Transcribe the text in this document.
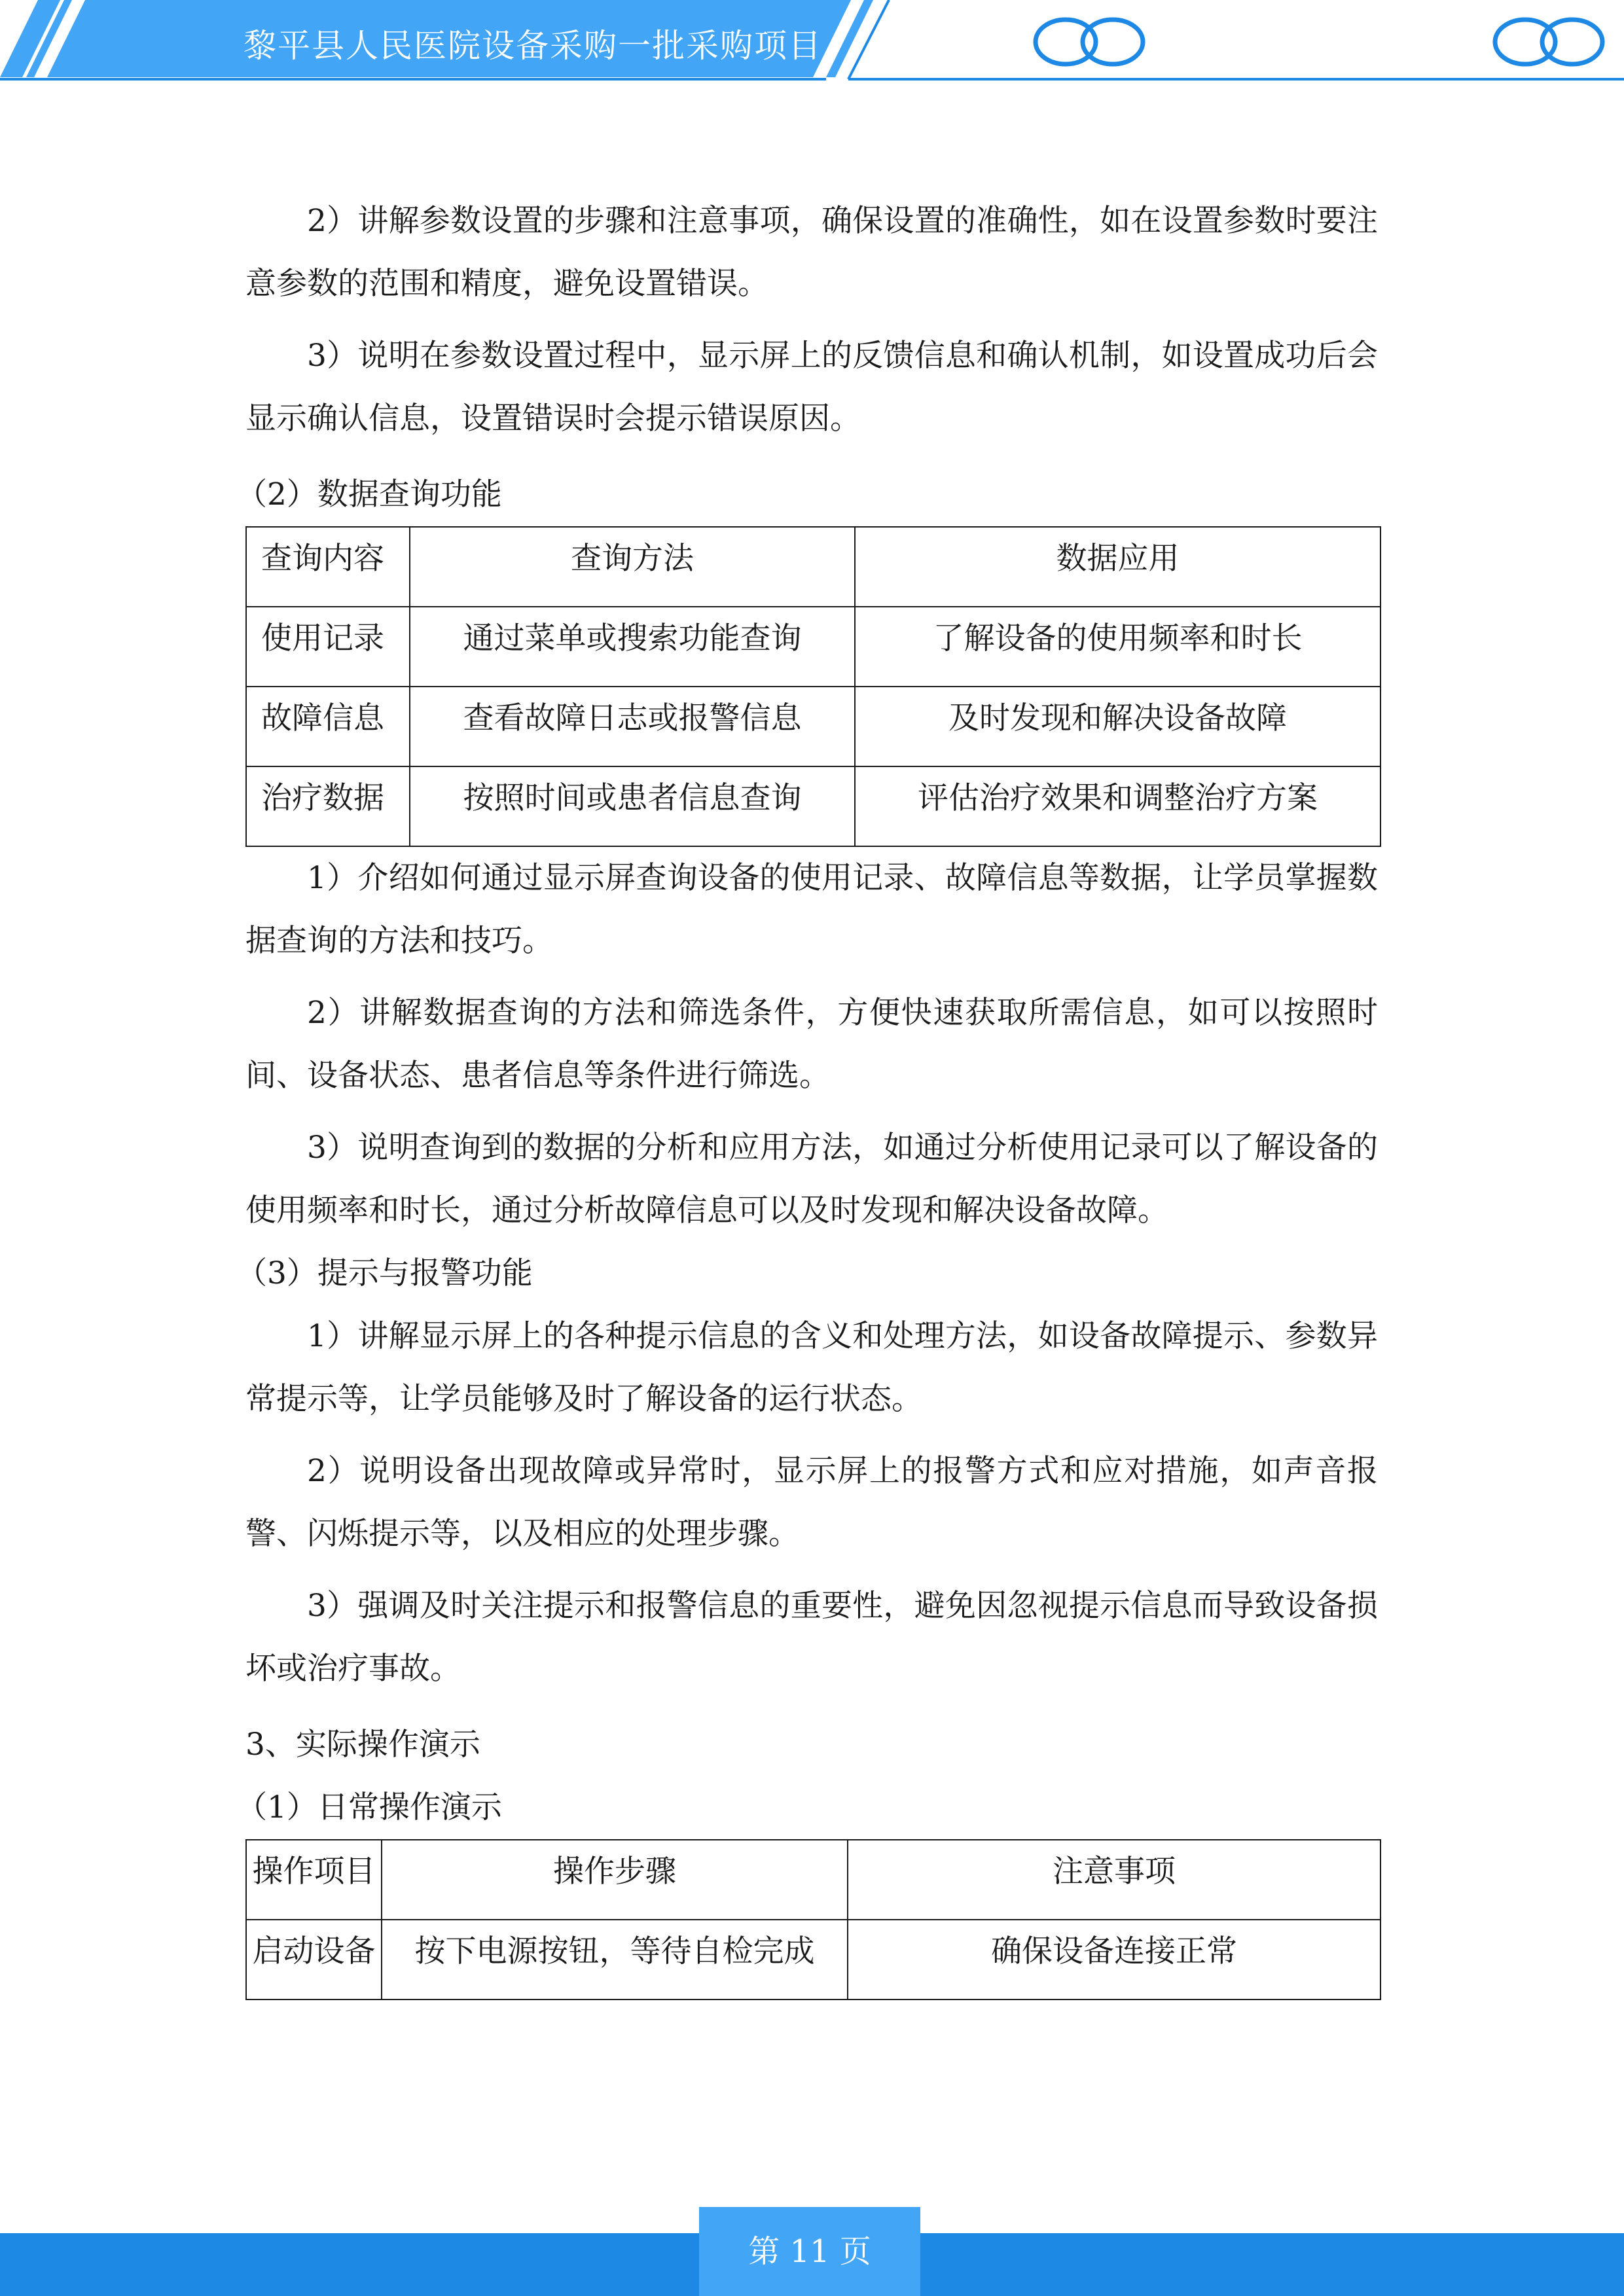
黎平县人民医院设备采购一批采购项目

2）讲解参数设置的步骤和注意事项，确保设置的准确性，如在设置参数时要注意参数的范围和精度，避免设置错误。

3）说明在参数设置过程中，显示屏上的反馈信息和确认机制，如设置成功后会显示确认信息，设置错误时会提示错误原因。

（2）数据查询功能

查询内容	查询方法	数据应用
使用记录	通过菜单或搜索功能查询	了解设备的使用频率和时长
故障信息	查看故障日志或报警信息	及时发现和解决设备故障
治疗数据	按照时间或患者信息查询	评估治疗效果和调整治疗方案

1）介绍如何通过显示屏查询设备的使用记录、故障信息等数据，让学员掌握数据查询的方法和技巧。

2）讲解数据查询的方法和筛选条件，方便快速获取所需信息，如可以按照时间、设备状态、患者信息等条件进行筛选。

3）说明查询到的数据的分析和应用方法，如通过分析使用记录可以了解设备的使用频率和时长，通过分析故障信息可以及时发现和解决设备故障。

（3）提示与报警功能

1）讲解显示屏上的各种提示信息的含义和处理方法，如设备故障提示、参数异常提示等，让学员能够及时了解设备的运行状态。

2）说明设备出现故障或异常时，显示屏上的报警方式和应对措施，如声音报警、闪烁提示等，以及相应的处理步骤。

3）强调及时关注提示和报警信息的重要性，避免因忽视提示信息而导致设备损坏或治疗事故。

3、实际操作演示

（1）日常操作演示

操作项目	操作步骤	注意事项
启动设备	按下电源按钮，等待自检完成	确保设备连接正常
第 11 页
